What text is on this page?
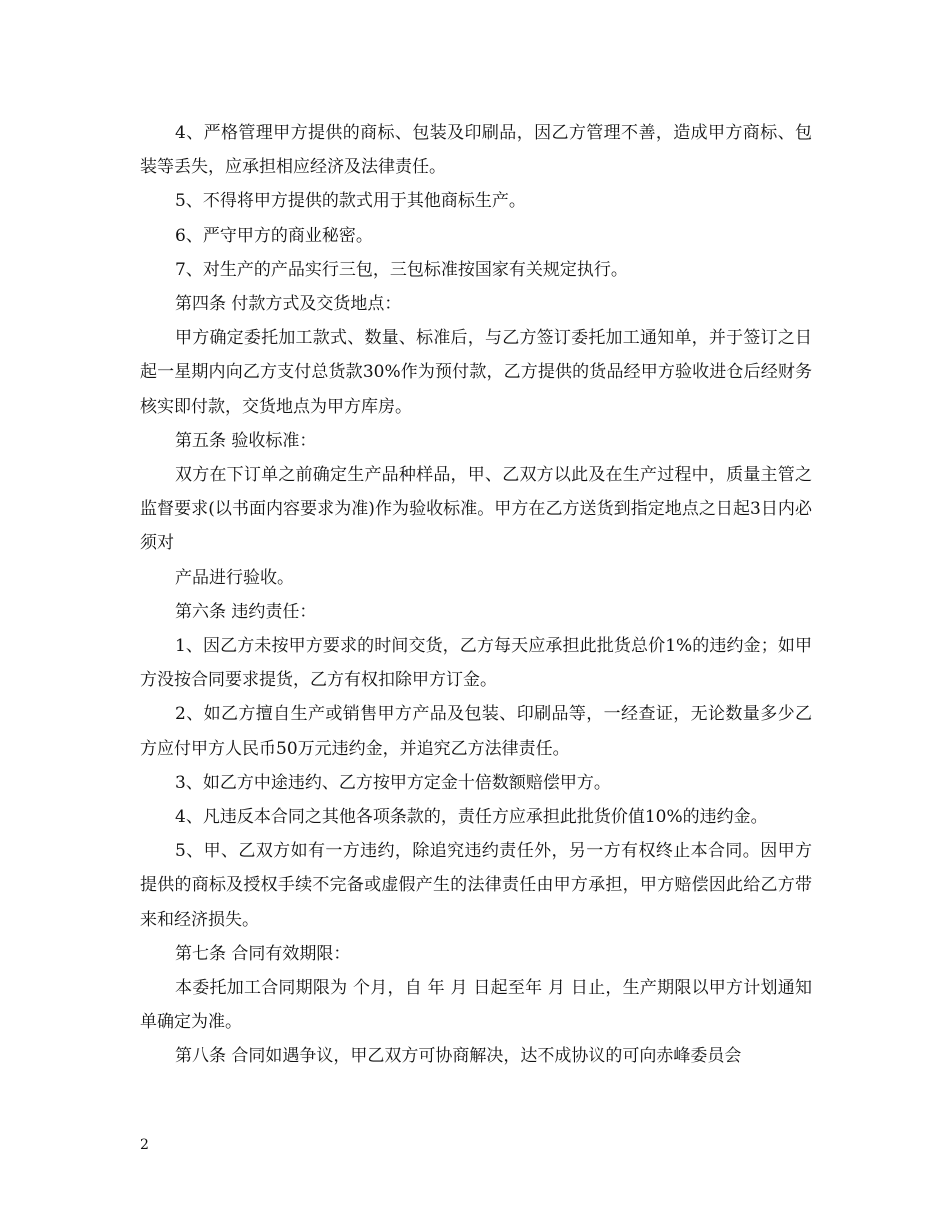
4、严格管理甲方提供的商标、包装及印刷品，因乙方管理不善，造成甲方商标、包装等丢失，应承担相应经济及法律责任。

5、不得将甲方提供的款式用于其他商标生产。

6、严守甲方的商业秘密。

7、对生产的产品实行三包，三包标准按国家有关规定执行。

第四条 付款方式及交货地点：

甲方确定委托加工款式、数量、标准后，与乙方签订委托加工通知单，并于签订之日起一星期内向乙方支付总货款30%作为预付款，乙方提供的货品经甲方验收进仓后经财务核实即付款，交货地点为甲方库房。

第五条 验收标准：

双方在下订单之前确定生产品种样品，甲、乙双方以此及在生产过程中，质量主管之监督要求(以书面内容要求为准)作为验收标准。甲方在乙方送货到指定地点之日起3日内必须对

产品进行验收。

第六条 违约责任：

1、因乙方未按甲方要求的时间交货，乙方每天应承担此批货总价1%的违约金；如甲方没按合同要求提货，乙方有权扣除甲方订金。

2、如乙方擅自生产或销售甲方产品及包装、印刷品等，一经查证，无论数量多少乙方应付甲方人民币50万元违约金，并追究乙方法律责任。

3、如乙方中途违约、乙方按甲方定金十倍数额赔偿甲方。

4、凡违反本合同之其他各项条款的，责任方应承担此批货价值10%的违约金。

5、甲、乙双方如有一方违约，除追究违约责任外，另一方有权终止本合同。因甲方提供的商标及授权手续不完备或虚假产生的法律责任由甲方承担，甲方赔偿因此给乙方带来和经济损失。

第七条 合同有效期限：

本委托加工合同期限为 个月，自 年 月 日起至年 月 日止，生产期限以甲方计划通知单确定为准。

第八条 合同如遇争议，甲乙双方可协商解决，达不成协议的可向赤峰委员会

2
